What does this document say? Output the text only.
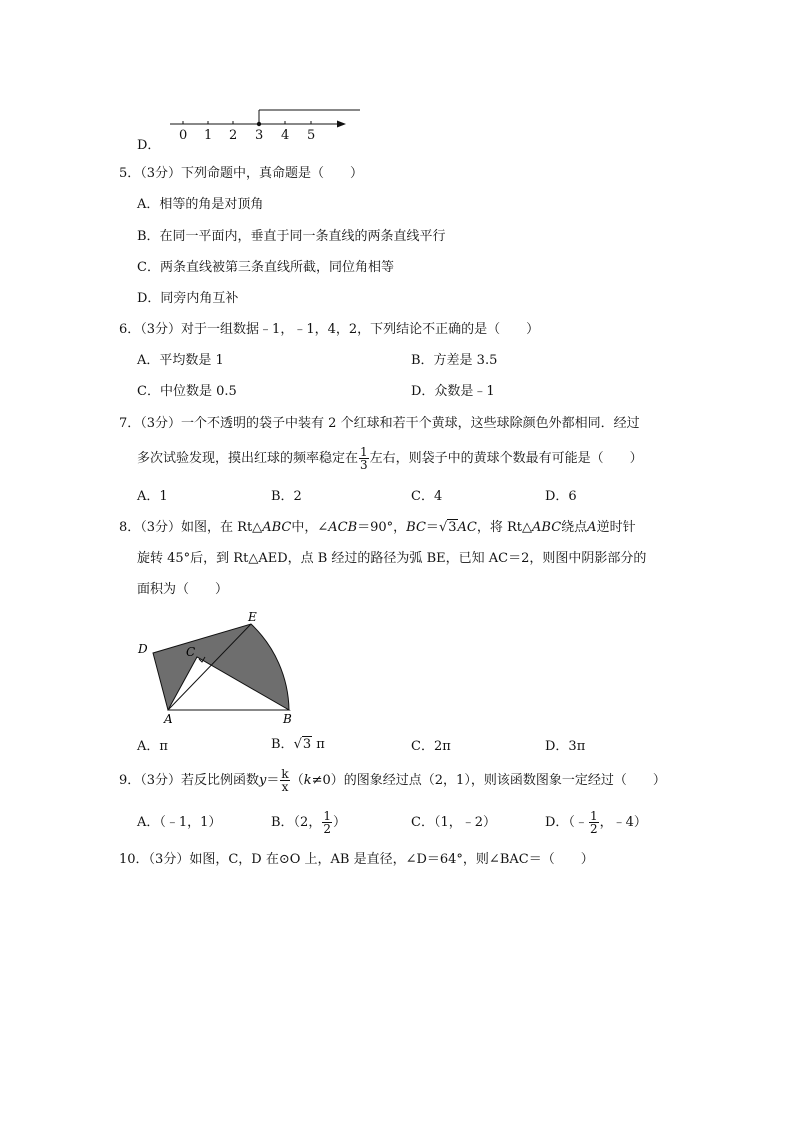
0 1 2 3 4 5
D．
5．（3分）下列命题中，真命题是（　　）
A．相等的角是对顶角
B．在同一平面内，垂直于同一条直线的两条直线平行
C．两条直线被第三条直线所截，同位角相等
D．同旁内角互补
6．（3分）对于一组数据﹣1，﹣1，4，2，下列结论不正确的是（　　）
A．平均数是 1	B．方差是 3.5
C．中位数是 0.5	D．众数是﹣1
7．（3分）一个不透明的袋子中装有 2 个红球和若干个黄球，这些球除颜色外都相同．经过
多次试验发现，摸出红球的频率稳定在 $\frac{1}{3}$ 左右，则袋子中的黄球个数最有可能是（　　）
A．1	B．2	C．4	D．6
8．（3分）如图，在 Rt△ABC中，∠ACB＝90°，BC＝√3AC，将 Rt△ABC绕点A逆时针
旋转 45°后，到 Rt△AED，点 B 经过的路径为弧 BE，已知 AC＝2，则图中阴影部分的
面积为（　　）
D	C
E
A	B
A．π	B．√3 π	C．2π	D．3π
9．（3分）若反比例函数$y= \frac{k}{x} (k\ne 0)$的图象经过点（2，1），则该函数图象一定经过（　　）
A．（﹣1，1）	B．（2， $\frac{1}{2}$ ）	C．（1，﹣2）	D．（﹣ $\frac{1}{2}$ ，﹣4）
10．（3分）如图，C，D 在⊙O 上，AB 是直径，∠D＝64°，则∠BAC＝（　　）
